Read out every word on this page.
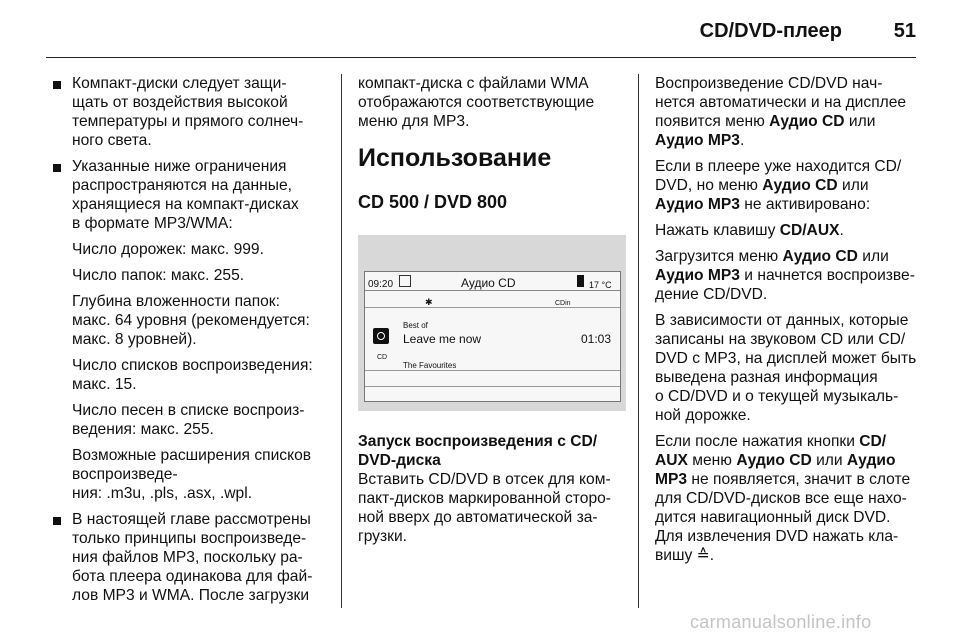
CD/DVD-плеер	51
Компакт-диски следует защи-
щать от воздействия высокой
температуры и прямого солнеч-
ного света.
Указанные ниже ограничения
распространяются на данные,
хранящиеся на компакт-дисках
в формате MP3/WMA:
Число дорожек: макс. 999.
Число папок: макс. 255.
Глубина вложенности папок:
макс. 64 уровня (рекомендуется:
макс. 8 уровней).
Число списков воспроизведения:
макс. 15.
Число песен в списке воспроиз-
ведения: макс. 255.
Возможные расширения списков
воспроизведе-
ния: .m3u, .pls, .asx, .wpl.
В настоящей главе рассмотрены
только принципы воспроизведе-
ния файлов MP3, поскольку ра-
бота плеера одинакова для фай-
лов MP3 и WMA. После загрузки

компакт-диска с файлами WMA
отображаются соответствующие
меню для MP3.

Использование
CD 500 / DVD 800
09:20	Аудио CD	17 °C
✱	CDin
Best of
CD
Leave me now	01:03
The Favourites
Запуск воспроизведения с CD/
DVD-диска

Вставить CD/DVD в отсек для ком-
пакт-дисков маркированной сторо-
ной вверх до автоматической за-
грузки.

Воспроизведение CD/DVD нач-
нется автоматически и на дисплее
появится меню Аудио CD или
Аудио MP3.

Если в плеере уже находится CD/
DVD, но меню Аудио CD или
Аудио MP3 не активировано:

Нажать клавишу CD/AUX.

Загрузится меню Аудио CD или
Аудио MP3 и начнется воспроизве-
дение CD/DVD.

В зависимости от данных, которые
записаны на звуковом CD или CD/
DVD с MP3, на дисплей может быть
выведена разная информация
о CD/DVD и о текущей музыкаль-
ной дорожке.

Если после нажатия кнопки CD/
AUX меню Аудио CD или Аудио
MP3 не появляется, значит в слоте
для CD/DVD-дисков все еще нахо-
дится навигационный диск DVD.
Для извлечения DVD нажать кла-
вишу ≙.

carmanualsonline.info
